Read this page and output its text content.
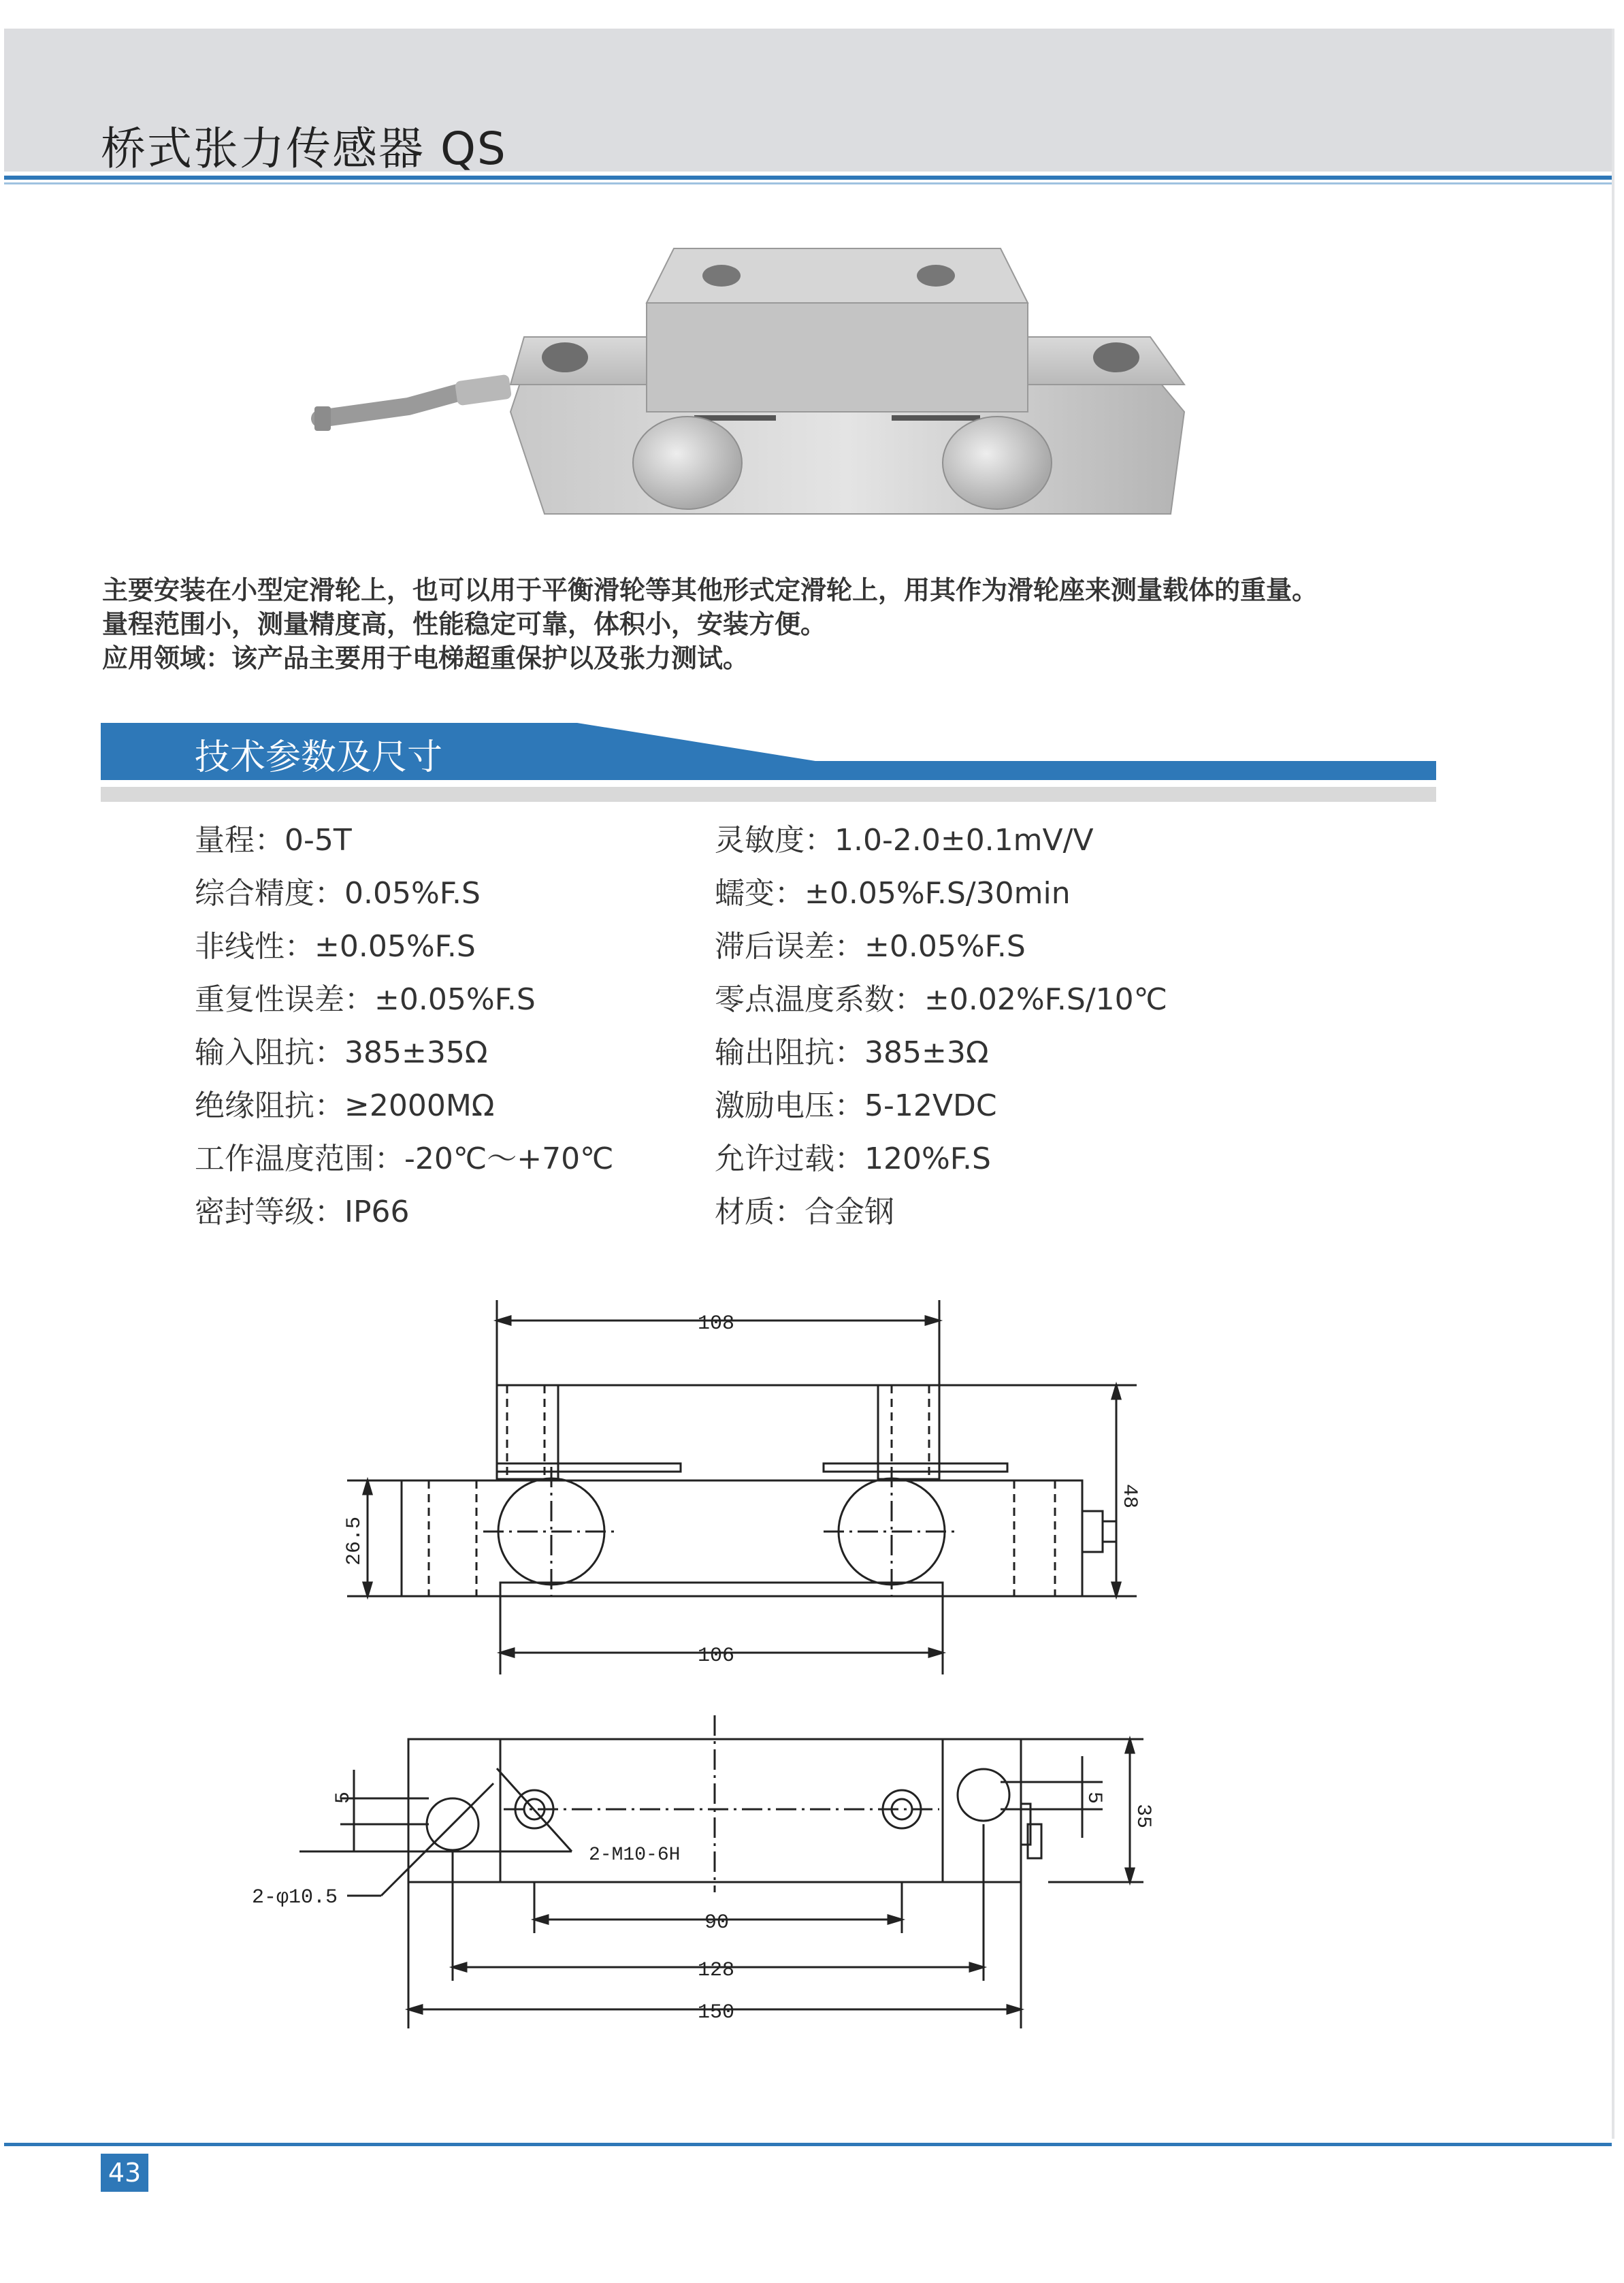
桥式张力传感器 QS
主要安装在小型定滑轮上，也可以用于平衡滑轮等其他形式定滑轮上，用其作为滑轮座来测量载体的重量。
量程范围小，测量精度高，性能稳定可靠，体积小，安装方便。
应用领域：该产品主要用于电梯超重保护以及张力测试。
技术参数及尺寸
量程：0-5T
综合精度：0.05%F.S
非线性：±0.05%F.S
重复性误差：±0.05%F.S
输入阻抗：385±35Ω
绝缘阻抗：≥2000MΩ
工作温度范围：-20℃～+70℃
密封等级：IP66
灵敏度：1.0-2.0±0.1mV/V
蠕变：±0.05%F.S/30min
滞后误差：±0.05%F.S
零点温度系数：±0.02%F.S/10℃
输出阻抗：385±3Ω
激励电压：5-12VDC
允许过载：120%F.S
材质：合金钢
108
48
26.5
106
5	5
35
2-M10-6H
2-φ10.5
90
128
150
43
